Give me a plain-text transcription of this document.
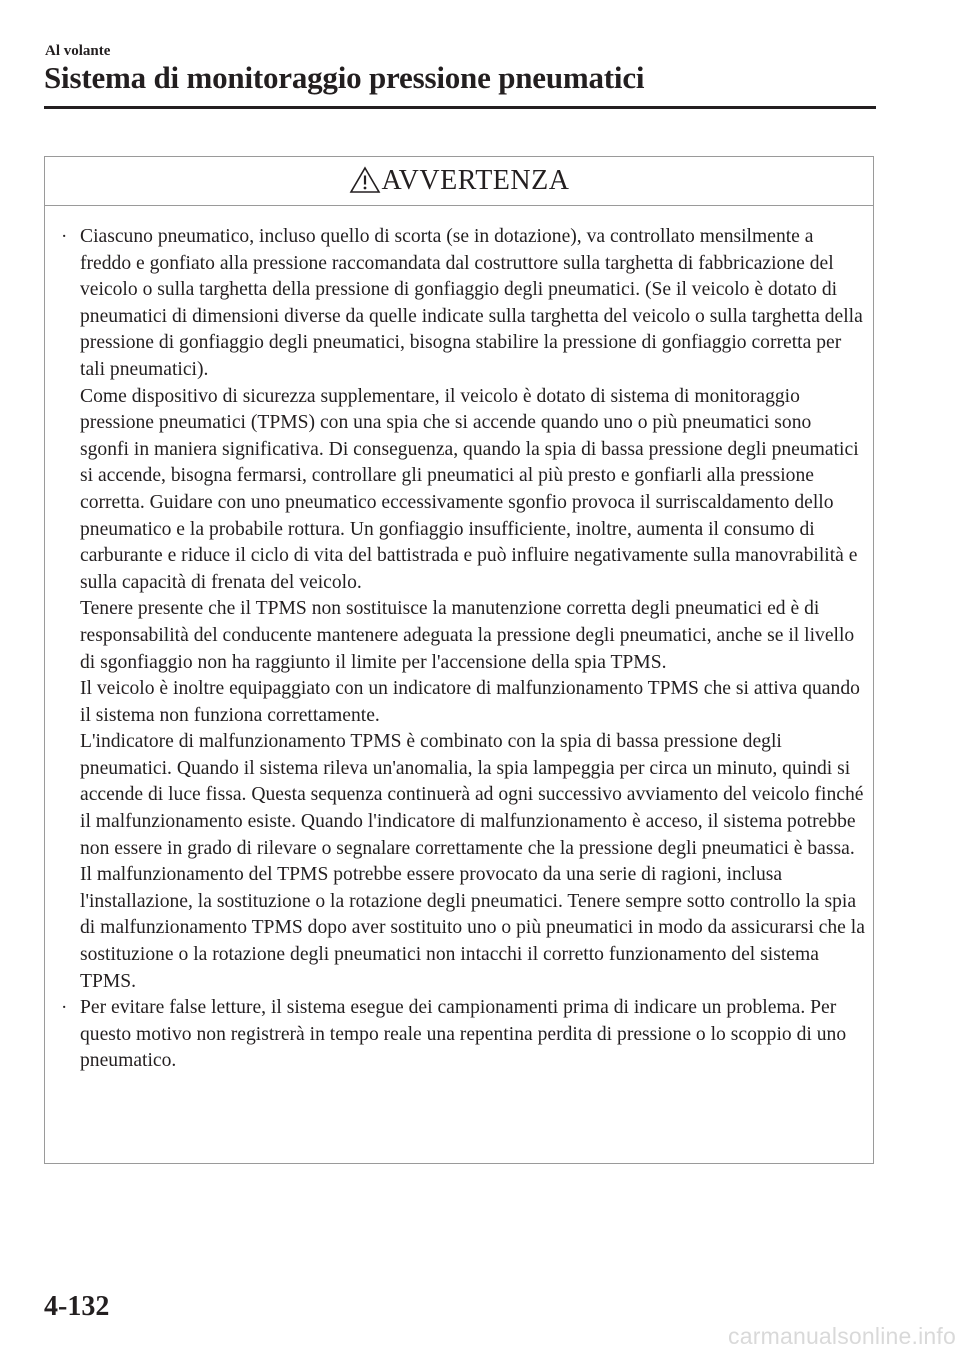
Al volante
Sistema di monitoraggio pressione pneumatici
AVVERTENZA
· Ciascuno pneumatico, incluso quello di scorta (se in dotazione), va controllato mensilmente a freddo e gonfiato alla pressione raccomandata dal costruttore sulla targhetta di fabbricazione del veicolo o sulla targhetta della pressione di gonfiaggio degli pneumatici. (Se il veicolo è dotato di pneumatici di dimensioni diverse da quelle indicate sulla targhetta del veicolo o sulla targhetta della pressione di gonfiaggio degli pneumatici, bisogna stabilire la pressione di gonfiaggio corretta per tali pneumatici).

Come dispositivo di sicurezza supplementare, il veicolo è dotato di sistema di monitoraggio pressione pneumatici (TPMS) con una spia che si accende quando uno o più pneumatici sono sgonfi in maniera significativa. Di conseguenza, quando la spia di bassa pressione degli pneumatici si accende, bisogna fermarsi, controllare gli pneumatici al più presto e gonfiarli alla pressione corretta. Guidare con uno pneumatico eccessivamente sgonfio provoca il surriscaldamento dello pneumatico e la probabile rottura. Un gonfiaggio insufficiente, inoltre, aumenta il consumo di carburante e riduce il ciclo di vita del battistrada e può influire negativamente sulla manovrabilità e sulla capacità di frenata del veicolo.

Tenere presente che il TPMS non sostituisce la manutenzione corretta degli pneumatici ed è di responsabilità del conducente mantenere adeguata la pressione degli pneumatici, anche se il livello di sgonfiaggio non ha raggiunto il limite per l'accensione della spia TPMS.

Il veicolo è inoltre equipaggiato con un indicatore di malfunzionamento TPMS che si attiva quando il sistema non funziona correttamente.

L'indicatore di malfunzionamento TPMS è combinato con la spia di bassa pressione degli pneumatici. Quando il sistema rileva un'anomalia, la spia lampeggia per circa un minuto, quindi si accende di luce fissa. Questa sequenza continuerà ad ogni successivo avviamento del veicolo finché il malfunzionamento esiste. Quando l'indicatore di malfunzionamento è acceso, il sistema potrebbe non essere in grado di rilevare o segnalare correttamente che la pressione degli pneumatici è bassa. Il malfunzionamento del TPMS potrebbe essere provocato da una serie di ragioni, inclusa l'installazione, la sostituzione o la rotazione degli pneumatici. Tenere sempre sotto controllo la spia di malfunzionamento TPMS dopo aver sostituito uno o più pneumatici in modo da assicurarsi che la sostituzione o la rotazione degli pneumatici non intacchi il corretto funzionamento del sistema TPMS.

· Per evitare false letture, il sistema esegue dei campionamenti prima di indicare un problema. Per questo motivo non registrerà in tempo reale una repentina perdita di pressione o lo scoppio di uno pneumatico.

4-132
carmanualsonline.info
